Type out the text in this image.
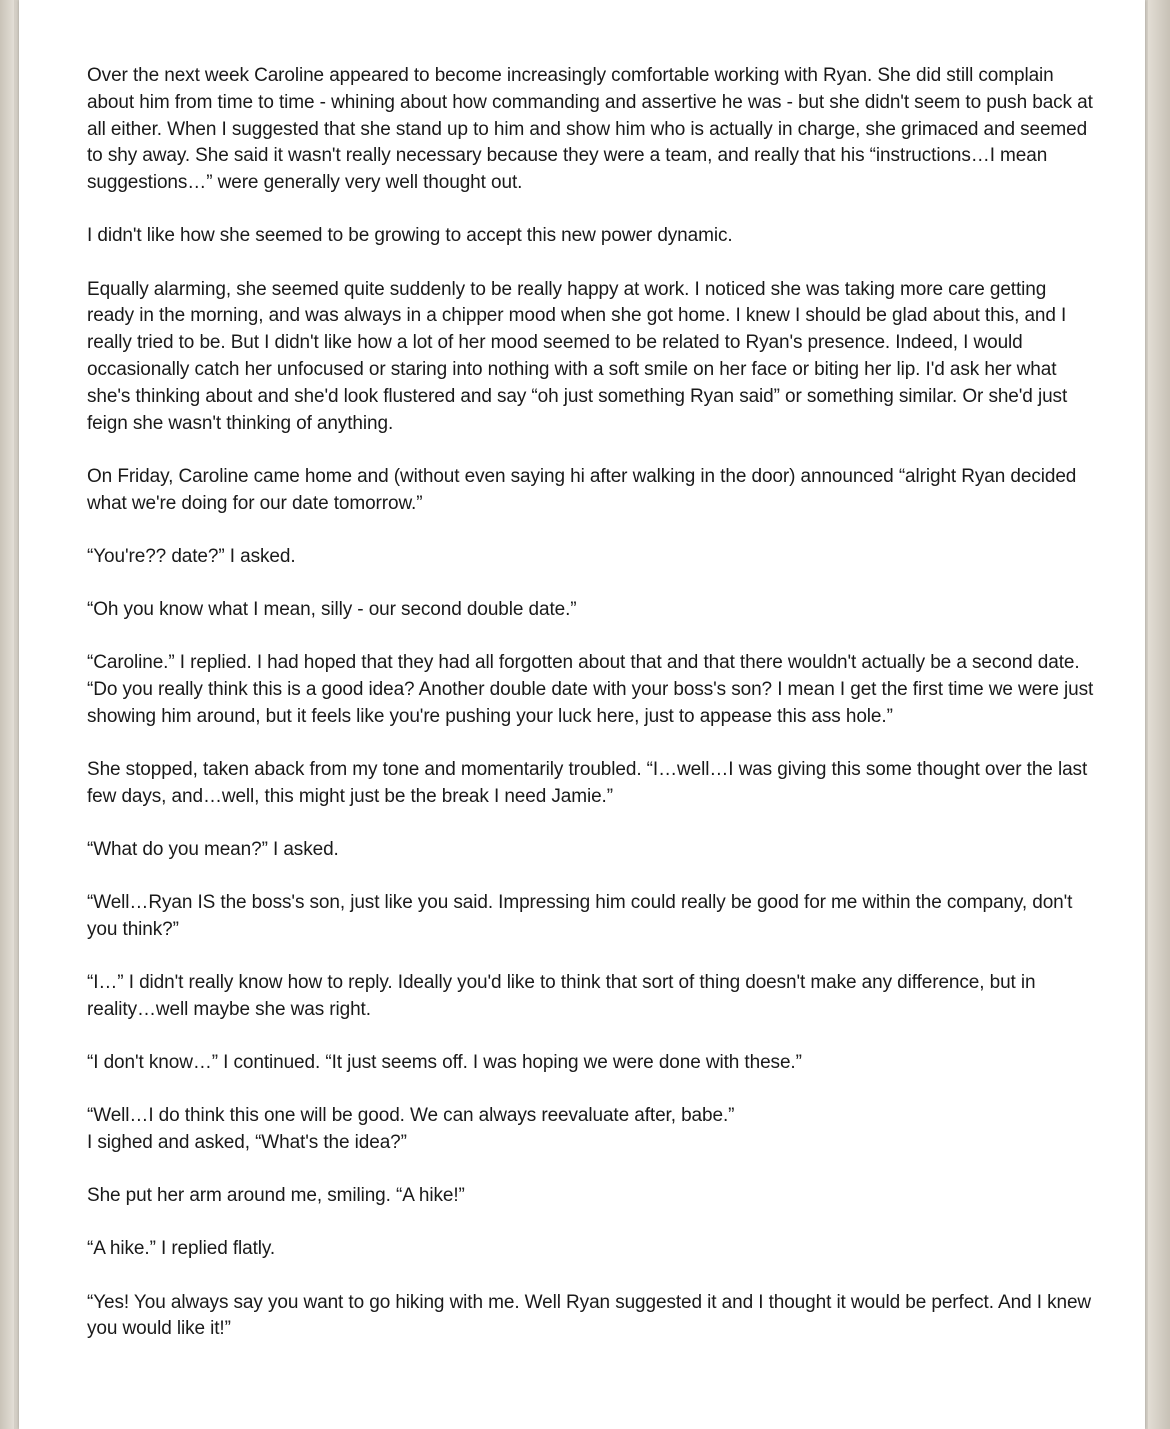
Over the next week Caroline appeared to become increasingly comfortable working with Ryan. She did still complain about him from time to time - whining about how commanding and assertive he was - but she didn't seem to push back at all either. When I suggested that she stand up to him and show him who is actually in charge, she grimaced and seemed to shy away. She said it wasn't really necessary because they were a team, and really that his “instructions…I mean suggestions…” were generally very well thought out.

I didn't like how she seemed to be growing to accept this new power dynamic.

Equally alarming, she seemed quite suddenly to be really happy at work. I noticed she was taking more care getting ready in the morning, and was always in a chipper mood when she got home. I knew I should be glad about this, and I really tried to be. But I didn't like how a lot of her mood seemed to be related to Ryan's presence. Indeed, I would occasionally catch her unfocused or staring into nothing with a soft smile on her face or biting her lip. I'd ask her what she's thinking about and she'd look flustered and say “oh just something Ryan said” or something similar. Or she'd just feign she wasn't thinking of anything.

On Friday, Caroline came home and (without even saying hi after walking in the door) announced “alright Ryan decided what we're doing for our date tomorrow.”

“You're?? date?” I asked.

“Oh you know what I mean, silly - our second double date.”

“Caroline.” I replied. I had hoped that they had all forgotten about that and that there wouldn't actually be a second date. “Do you really think this is a good idea? Another double date with your boss's son? I mean I get the first time we were just showing him around, but it feels like you're pushing your luck here, just to appease this ass hole.”

She stopped, taken aback from my tone and momentarily troubled. “I…well…I was giving this some thought over the last few days, and…well, this might just be the break I need Jamie.”

“What do you mean?” I asked.

“Well…Ryan IS the boss's son, just like you said. Impressing him could really be good for me within the company, don't you think?”

“I…” I didn't really know how to reply. Ideally you'd like to think that sort of thing doesn't make any difference, but in reality…well maybe she was right.

“I don't know…” I continued. “It just seems off. I was hoping we were done with these.”

“Well…I do think this one will be good. We can always reevaluate after, babe.”
I sighed and asked, “What's the idea?”

She put her arm around me, smiling. “A hike!”

“A hike.” I replied flatly.

“Yes! You always say you want to go hiking with me. Well Ryan suggested it and I thought it would be perfect. And I knew you would like it!”
